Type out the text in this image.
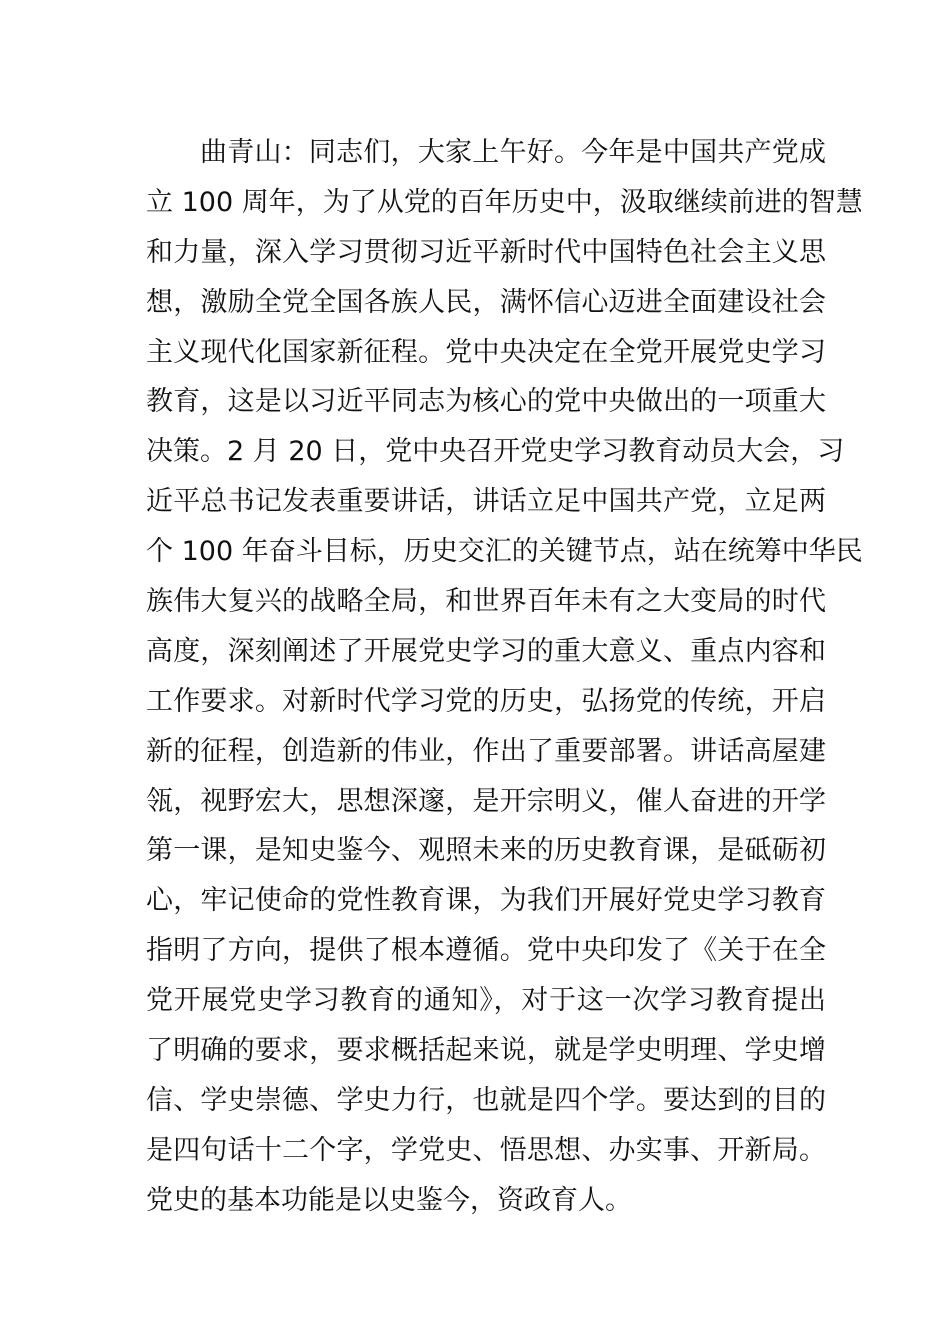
曲青山：同志们，大家上午好。今年是中国共产党成
立 100 周年，为了从党的百年历史中，汲取继续前进的智慧
和力量，深入学习贯彻习近平新时代中国特色社会主义思
想，激励全党全国各族人民，满怀信心迈进全面建设社会
主义现代化国家新征程。党中央决定在全党开展党史学习
教育，这是以习近平同志为核心的党中央做出的一项重大
决策。2 月 20 日，党中央召开党史学习教育动员大会，习
近平总书记发表重要讲话，讲话立足中国共产党，立足两
个 100 年奋斗目标，历史交汇的关键节点，站在统筹中华民
族伟大复兴的战略全局，和世界百年未有之大变局的时代
高度，深刻阐述了开展党史学习的重大意义、重点内容和
工作要求。对新时代学习党的历史，弘扬党的传统，开启
新的征程，创造新的伟业，作出了重要部署。讲话高屋建
瓴，视野宏大，思想深邃，是开宗明义，催人奋进的开学
第一课，是知史鉴今、观照未来的历史教育课，是砥砺初
心，牢记使命的党性教育课，为我们开展好党史学习教育
指明了方向，提供了根本遵循。党中央印发了《关于在全
党开展党史学习教育的通知》，对于这一次学习教育提出
了明确的要求，要求概括起来说，就是学史明理、学史增
信、学史崇德、学史力行，也就是四个学。要达到的目的
是四句话十二个字，学党史、悟思想、办实事、开新局。
党史的基本功能是以史鉴今，资政育人。
